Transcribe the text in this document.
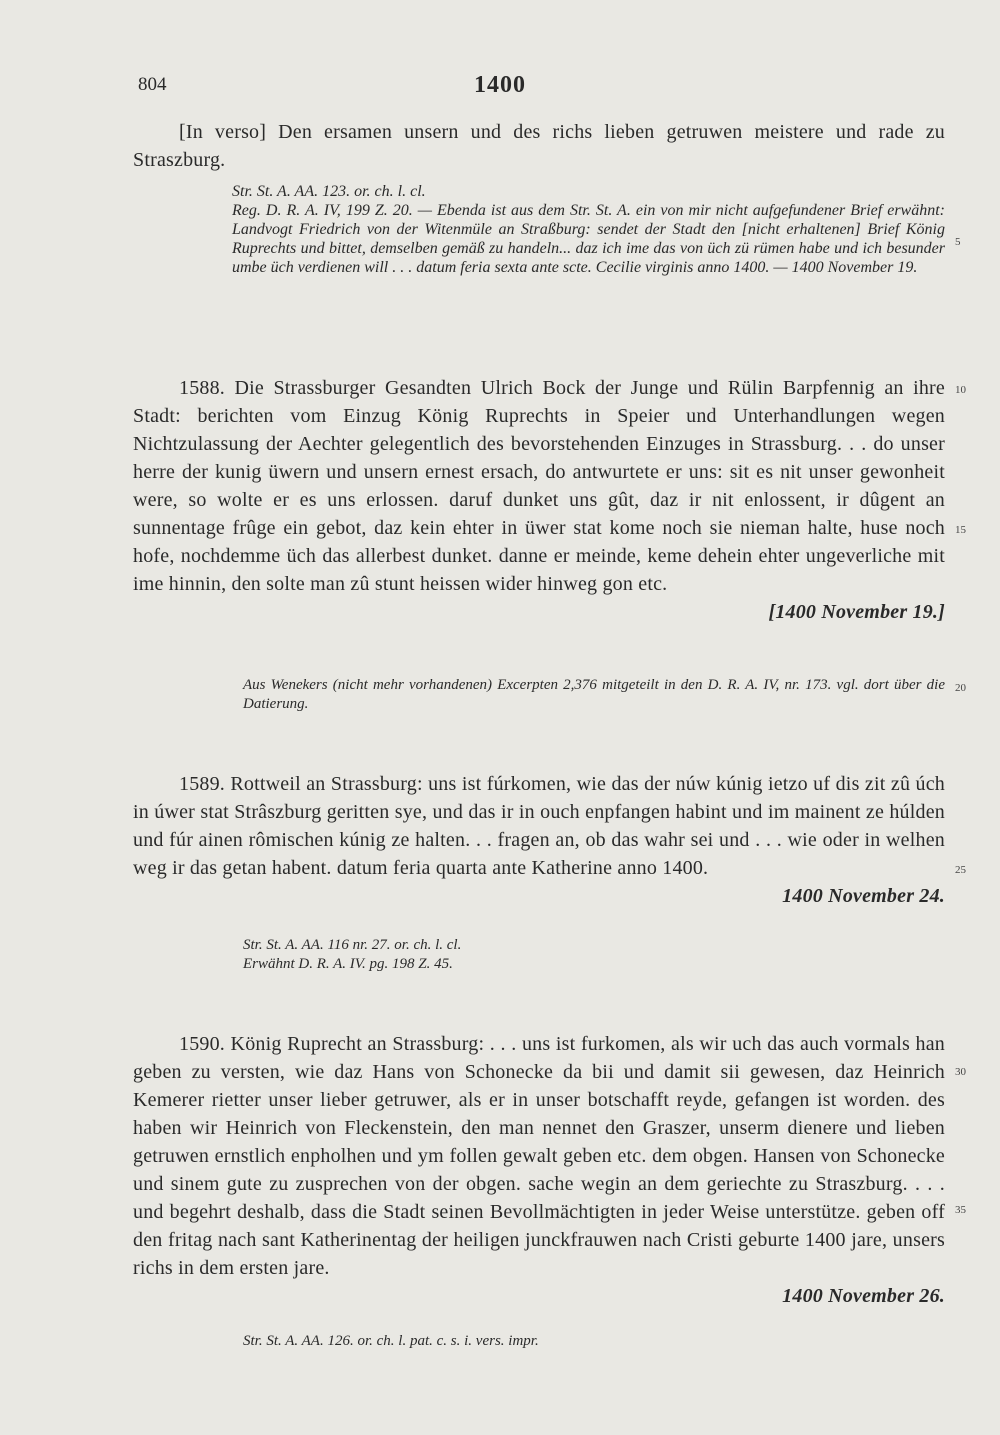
804	1400
[In verso] Den ersamen unsern und des richs lieben getruwen meistere und rade zu Straszburg.
Str. St. A. AA. 123. or. ch. l. cl.
Reg. D. R. A. IV, 199 Z. 20. — Ebenda ist aus dem Str. St. A. ein von mir nicht aufgefundener Brief erwähnt: Landvogt Friedrich von der Witenmüle an Straßburg: sendet der Stadt den [nicht erhaltenen] Brief König Ruprechts und bittet, demselben gemäß zu handeln... daz ich ime das von üch zü rümen habe und ich besunder umbe üch verdienen will . . . datum feria sexta ante scte. Cecilie virginis anno 1400. — 1400 November 19.
1588. Die Strassburger Gesandten Ulrich Bock der Junge und Rülin Barpfennig an ihre Stadt: berichten vom Einzug König Ruprechts in Speier und Unterhandlungen wegen Nichtzulassung der Aechter gelegentlich des bevorstehenden Einzuges in Strassburg. . . do unser herre der kunig üwern und unsern ernest ersach, do antwurtete er uns: sit es nit unser gewonheit were, so wolte er es uns erlossen. daruf dunket uns gût, daz ir nit enlossent, ir dûgent an sunnentage frûge ein gebot, daz kein ehter in üwer stat kome noch sie nieman halte, huse noch hofe, nochdemme üch das allerbest dunket. danne er meinde, keme dehein ehter ungeverliche mit ime hinnin, den solte man zû stunt heissen wider hinweg gon etc.
[1400 November 19.]
Aus Wenekers (nicht mehr vorhandenen) Excerpten 2,376 mitgeteilt in den D. R. A. IV, nr. 173. vgl. dort über die Datierung.
1589. Rottweil an Strassburg: uns ist fúrkomen, wie das der núw kúnig ietzo uf dis zit zû úch in úwer stat Strâszburg geritten sye, und das ir in ouch enpfangen habint und im mainent ze húlden und fúr ainen rômischen kúnig ze halten. . . fragen an, ob das wahr sei und . . . wie oder in welhen weg ir das getan habent. datum feria quarta ante Katherine anno 1400.
1400 November 24.
Str. St. A. AA. 116 nr. 27. or. ch. l. cl.
Erwähnt D. R. A. IV. pg. 198 Z. 45.
1590. König Ruprecht an Strassburg: . . . uns ist furkomen, als wir uch das auch vormals han geben zu versten, wie daz Hans von Schonecke da bii und damit sii gewesen, daz Heinrich Kemerer rietter unser lieber getruwer, als er in unser botschafft reyde, gefangen ist worden. des haben wir Heinrich von Fleckenstein, den man nennet den Graszer, unserm dienere und lieben getruwen ernstlich enpholhen und ym follen gewalt geben etc. dem obgen. Hansen von Schonecke und sinem gute zu zusprechen von der obgen. sache wegin an dem geriechte zu Straszburg. . . . und begehrt deshalb, dass die Stadt seinen Bevollmächtigten in jeder Weise unterstütze. geben off den fritag nach sant Katherinentag der heiligen junckfrauwen nach Cristi geburte 1400 jare, unsers richs in dem ersten jare.
1400 November 26.
Str. St. A. AA. 126. or. ch. l. pat. c. s. i. vers. impr.
5
10
15
20
25
30
35
